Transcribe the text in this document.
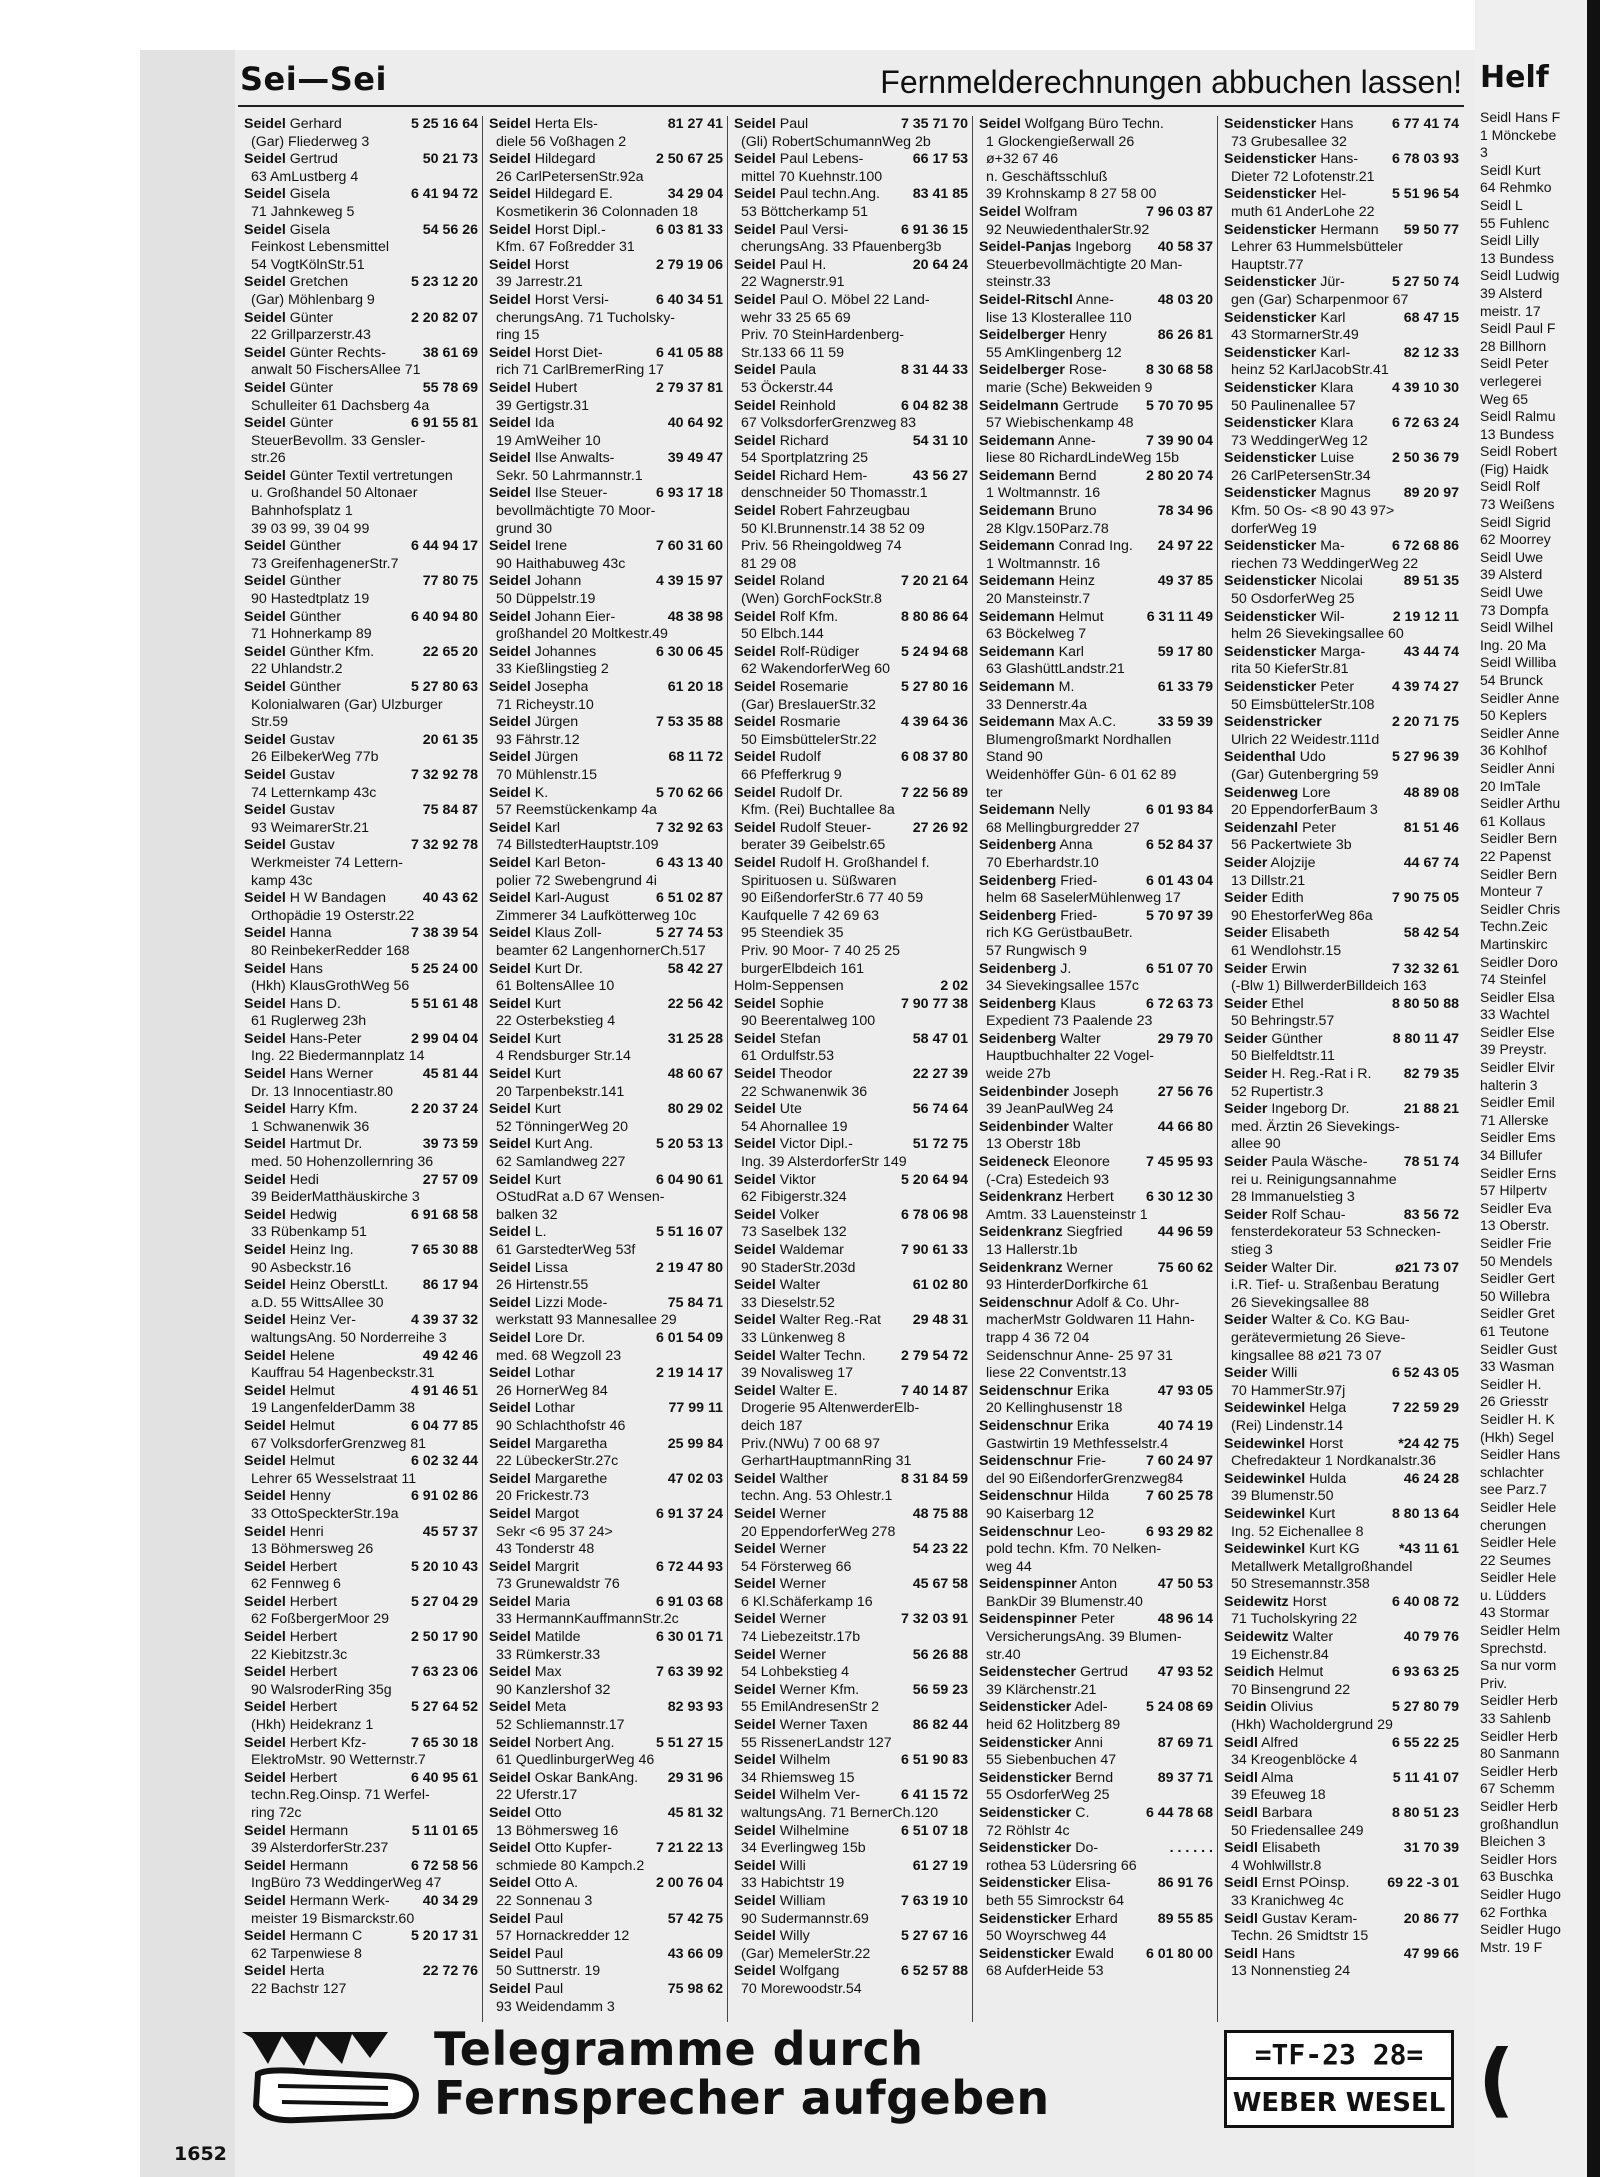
Sei—Sei	Fernmelderechnungen abbuchen lassen!
Seidel Gerhard	5 25 16 64
(Gar) Fliederweg 3
Seidel Gertrud	50 21 73
63 AmLustberg 4
Seidel Gisela	6 41 94 72
71 Jahnkeweg 5
Seidel Gisela	54 56 26
Feinkost Lebensmittel
54 VogtKölnStr.51
Seidel Gretchen	5 23 12 20
(Gar) Möhlenbarg 9
Seidel Günter	2 20 82 07
22 Grillparzerstr.43
Seidel Günter Rechts-	38 61 69
anwalt 50 FischersAllee 71
Seidel Günter	55 78 69
Schulleiter 61 Dachsberg 4a
Seidel Günter	6 91 55 81
SteuerBevollm. 33 Gensler-
str.26
Seidel Günter Textil vertretungen
u. Großhandel 50 Altonaer
Bahnhofsplatz 1
39 03 99, 39 04 99
Seidel Günther	6 44 94 17
73 GreifenhagenerStr.7
Seidel Günther	77 80 75
90 Hastedtplatz 19
Seidel Günther	6 40 94 80
71 Hohnerkamp 89
Seidel Günther Kfm.	22 65 20
22 Uhlandstr.2
Seidel Günther	5 27 80 63
Kolonialwaren (Gar) Ulzburger
Str.59
Seidel Gustav	20 61 35
26 EilbekerWeg 77b
Seidel Gustav	7 32 92 78
74 Letternkamp 43c
Seidel Gustav	75 84 87
93 WeimarerStr.21
Seidel Gustav	7 32 92 78
Werkmeister 74 Lettern-
kamp 43c
Seidel H W Bandagen	40 43 62
Orthopädie 19 Osterstr.22
Seidel Hanna	7 38 39 54
80 ReinbekerRedder 168
Seidel Hans	5 25 24 00
(Hkh) KlausGrothWeg 56
Seidel Hans D.	5 51 61 48
61 Ruglerweg 23h
Seidel Hans-Peter	2 99 04 04
Ing. 22 Biedermannplatz 14
Seidel Hans Werner	45 81 44
Dr. 13 Innocentiastr.80
Seidel Harry Kfm.	2 20 37 24
1 Schwanenwik 36
Seidel Hartmut Dr.	39 73 59
med. 50 Hohenzollernring 36
Seidel Hedi	27 57 09
39 BeiderMatthäuskirche 3
Seidel Hedwig	6 91 68 58
33 Rübenkamp 51
Seidel Heinz Ing.	7 65 30 88
90 Asbeckstr.16
Seidel Heinz OberstLt. 86 17 94
a.D. 55 WittsAllee 30
Seidel Heinz Ver-	4 39 37 32
waltungsAng. 50 Norderreihe 3
Seidel Helene	49 42 46
Kauffrau 54 Hagenbeckstr.31
Seidel Helmut	4 91 46 51
19 LangenfelderDamm 38
Seidel Helmut	6 04 77 85
67 VolksdorferGrenzweg 81
Seidel Helmut	6 02 32 44
Lehrer 65 Wesselstraat 11
Seidel Henny	6 91 02 86
33 OttoSpeckterStr.19a
Seidel Henri	45 57 37
13 Böhmersweg 26
Seidel Herbert	5 20 10 43
62 Fennweg 6
Seidel Herbert	5 27 04 29
62 FoßbergerMoor 29
Seidel Herbert	2 50 17 90
22 Kiebitzstr.3c
Seidel Herbert	7 63 23 06
90 WalsroderRing 35g
Seidel Herbert	5 27 64 52
(Hkh) Heidekranz 1
Seidel Herbert Kfz-	7 65 30 18
ElektroMstr. 90 Wetternstr.7
Seidel Herbert	6 40 95 61
techn.Reg.Oinsp. 71 Werfel-
ring 72c
Seidel Hermann	5 11 01 65
39 AlsterdorferStr.237
Seidel Hermann	6 72 58 56
IngBüro 73 WeddingerWeg 47
Seidel Hermann Werk- 40 34 29
meister 19 Bismarckstr.60
Seidel Hermann C	5 20 17 31
62 Tarpenwiese 8
Seidel Herta	22 72 76
22 Bachstr 127
Seidel Herta Els-	81 27 41
diele 56 Voßhagen 2
Seidel Hildegard	2 50 67 25
26 CarlPetersenStr.92a
Seidel Hildegard E.	34 29 04
Kosmetikerin 36 Colonnaden 18
Seidel Horst Dipl.-	6 03 81 33
Kfm. 67 Foßredder 31
Seidel Horst	2 79 19 06
39 Jarrestr.21
Seidel Horst Versi-	6 40 34 51
cherungsAng. 71 Tucholsky-
ring 15
Seidel Horst Diet-	6 41 05 88
rich 71 CarlBremerRing 17
Seidel Hubert	2 79 37 81
39 Gertigstr.31
Seidel Ida	40 64 92
19 AmWeiher 10
Seidel Ilse Anwalts-	39 49 47
Sekr. 50 Lahrmannstr.1
Seidel Ilse Steuer-	6 93 17 18
bevollmächtigte 70 Moor-
grund 30
Seidel Irene	7 60 31 60
90 Haithabuweg 43c
Seidel Johann	4 39 15 97
50 Düppelstr.19
Seidel Johann Eier-	48 38 98
großhandel 20 Moltkestr.49
Seidel Johannes	6 30 06 45
33 Kießlingstieg 2
Seidel Josepha	61 20 18
71 Richeystr.10
Seidel Jürgen	7 53 35 88
93 Fährstr.12
Seidel Jürgen	68 11 72
70 Mühlenstr.15
Seidel K.	5 70 62 66
57 Reemstückenkamp 4a
Seidel Karl	7 32 92 63
74 BillstedterHauptstr.109
Seidel Karl Beton-	6 43 13 40
polier 72 Swebengrund 4i
Seidel Karl-August	6 51 02 87
Zimmerer 34 Laufkötterweg 10c
Seidel Klaus Zoll-	5 27 74 53
beamter 62 LangenhornerCh.517
Seidel Kurt Dr.	58 42 27
61 BoltensAllee 10
Seidel Kurt	22 56 42
22 Osterbekstieg 4
Seidel Kurt	31 25 28
4 Rendsburger Str.14
Seidel Kurt	48 60 67
20 Tarpenbekstr.141
Seidel Kurt	80 29 02
52 TönningerWeg 20
Seidel Kurt Ang.	5 20 53 13
62 Samlandweg 227
Seidel Kurt	6 04 90 61
OStudRat a.D 67 Wensen-
balken 32
Seidel L.	5 51 16 07
61 GarstedterWeg 53f
Seidel Lissa	2 19 47 80
26 Hirtenstr.55
Seidel Lizzi Mode-	75 84 71
werkstatt 93 Mannesallee 29
Seidel Lore Dr.	6 01 54 09
med. 68 Wegzoll 23
Seidel Lothar	2 19 14 17
26 HornerWeg 84
Seidel Lothar	77 99 11
90 Schlachthofstr 46
Seidel Margaretha	25 99 84
22 LübeckerStr.27c
Seidel Margarethe	47 02 03
20 Frickestr.73
Seidel Margot	6 91 37 24
Sekr <6 95 37 24>
43 Tonderstr 48
Seidel Margrit	6 72 44 93
73 Grunewaldstr 76
Seidel Maria	6 91 03 68
33 HermannKauffmannStr.2c
Seidel Matilde	6 30 01 71
33 Rümkerstr.33
Seidel Max	7 63 39 92
90 Kanzlershof 32
Seidel Meta	82 93 93
52 Schliemannstr.17
Seidel Norbert Ang.	5 51 27 15
61 QuedlinburgerWeg 46
Seidel Oskar BankAng. 29 31 96
22 Uferstr.17
Seidel Otto	45 81 32
13 Böhmersweg 16
Seidel Otto Kupfer-	7 21 22 13
schmiede 80 Kampch.2
Seidel Otto A.	2 00 76 04
22 Sonnenau 3
Seidel Paul	57 42 75
57 Hornackredder 12
Seidel Paul	43 66 09
50 Suttnerstr. 19
Seidel Paul	75 98 62
93 Weidendamm 3
Seidel Paul	7 35 71 70
(Gli) RobertSchumannWeg 2b
Seidel Paul Lebens-	66 17 53
mittel 70 Kuehnstr.100
Seidel Paul techn.Ang. 83 41 85
53 Böttcherkamp 51
Seidel Paul Versi-	6 91 36 15
cherungsAng. 33 Pfauenberg3b
Seidel Paul H.	20 64 24
22 Wagnerstr.91
Seidel Paul O. Möbel 22 Land-
wehr 33 25 65 69
Priv. 70 SteinHardenberg-
Str.133 66 11 59
Seidel Paula	8 31 44 33
53 Öckerstr.44
Seidel Reinhold	6 04 82 38
67 VolksdorferGrenzweg 83
Seidel Richard	54 31 10
54 Sportplatzring 25
Seidel Richard Hem-	43 56 27
denschneider 50 Thomasstr.1
Seidel Robert Fahrzeugbau
50 Kl.Brunnenstr.14 38 52 09
Priv. 56 Rheingoldweg 74
81 29 08
Seidel Roland	7 20 21 64
(Wen) GorchFockStr.8
Seidel Rolf Kfm.	8 80 86 64
50 Elbch.144
Seidel Rolf-Rüdiger	5 24 94 68
62 WakendorferWeg 60
Seidel Rosemarie	5 27 80 16
(Gar) BreslauerStr.32
Seidel Rosmarie	4 39 64 36
50 EimsbüttelerStr.22
Seidel Rudolf	6 08 37 80
66 Pfefferkrug 9
Seidel Rudolf Dr.	7 22 56 89
Kfm. (Rei) Buchtallee 8a
Seidel Rudolf Steuer-	27 26 92
berater 39 Geibelstr.65
Seidel Rudolf H. Großhandel f.
Spirituosen u. Süßwaren
90 EißendorferStr.6 77 40 59
Kaufquelle 7 42 69 63
95 Steendiek 35
Priv. 90 Moor- 7 40 25 25
burgerElbdeich 161
Holm-Seppensen	2 02
Seidel Sophie	7 90 77 38
90 Beerentalweg 100
Seidel Stefan	58 47 01
61 Ordulfstr.53
Seidel Theodor	22 27 39
22 Schwanenwik 36
Seidel Ute	56 74 64
54 Ahornallee 19
Seidel Victor Dipl.-	51 72 75
Ing. 39 AlsterdorferStr 149
Seidel Viktor	5 20 64 94
62 Fibigerstr.324
Seidel Volker	6 78 06 98
73 Saselbek 132
Seidel Waldemar	7 90 61 33
90 StaderStr.203d
Seidel Walter	61 02 80
33 Dieselstr.52
Seidel Walter Reg.-Rat 29 48 31
33 Lünkenweg 8
Seidel Walter Techn. 2 79 54 72
39 Novalisweg 17
Seidel Walter E.	7 40 14 87
Drogerie 95 AltenwerderElb-
deich 187
Priv.(NWu) 7 00 68 97
GerhartHauptmannRing 31
Seidel Walther	8 31 84 59
techn. Ang. 53 Ohlestr.1
Seidel Werner	48 75 88
20 EppendorferWeg 278
Seidel Werner	54 23 22
54 Försterweg 66
Seidel Werner	45 67 58
6 Kl.Schäferkamp 16
Seidel Werner	7 32 03 91
74 Liebezeitstr.17b
Seidel Werner	56 26 88
54 Lohbekstieg 4
Seidel Werner Kfm.	56 59 23
55 EmilAndresenStr 2
Seidel Werner Taxen	86 82 44
55 RissenerLandstr 127
Seidel Wilhelm	6 51 90 83
34 Rhiemsweg 15
Seidel Wilhelm Ver-	6 41 15 72
waltungsAng. 71 BernerCh.120
Seidel Wilhelmine	6 51 07 18
34 Everlingweg 15b
Seidel Willi	61 27 19
33 Habichtstr 19
Seidel William	7 63 19 10
90 Sudermannstr.69
Seidel Willy	5 27 67 16
(Gar) MemelerStr.22
Seidel Wolfgang	6 52 57 88
70 Morewoodstr.54
Seidel Wolfgang Büro Techn.
1 Glockengießerwall 26
ø+32 67 46
n. Geschäftsschluß
39 Krohnskamp 8 27 58 00
Seidel Wolfram	7 96 03 87
92 NeuwiedenthalerStr.92
Seidel-Panjas Ingeborg 40 58 37
Steuerbevollmächtigte 20 Man-
steinstr.33
Seidel-Ritschl Anne-	48 03 20
lise 13 Klosterallee 110
Seidelberger Henry	86 26 81
55 AmKlingenberg 12
Seidelberger Rose-	8 30 68 58
marie (Sche) Bekweiden 9
Seidelmann Gertrude 5 70 70 95
57 Wiebischenkamp 48
Seidemann Anne-	7 39 90 04
liese 80 RichardLindeWeg 15b
Seidemann Bernd	2 80 20 74
1 Woltmannstr. 16
Seidemann Bruno	78 34 96
28 Klgv.150Parz.78
Seidemann Conrad Ing. 24 97 22
1 Woltmannstr. 16
Seidemann Heinz	49 37 85
20 Mansteinstr.7
Seidemann Helmut	6 31 11 49
63 Böckelweg 7
Seidemann Karl	59 17 80
63 GlashüttLandstr.21
Seidemann M.	61 33 79
33 Dennerstr.4a
Seidemann Max A.C.	33 59 39
Blumengroßmarkt Nordhallen
Stand 90
Weidenhöffer Gün- 6 01 62 89
ter
Seidemann Nelly	6 01 93 84
68 Mellingburgredder 27
Seidenberg Anna	6 52 84 37
70 Eberhardstr.10
Seidenberg Fried-	6 01 43 04
helm 68 SaselerMühlenweg 17
Seidenberg Fried-	5 70 97 39
rich KG GerüstbauBetr.
57 Rungwisch 9
Seidenberg J.	6 51 07 70
34 Sievekingsallee 157c
Seidenberg Klaus	6 72 63 73
Expedient 73 Paalende 23
Seidenberg Walter	29 79 70
Hauptbuchhalter 22 Vogel-
weide 27b
Seidenbinder Joseph	27 56 76
39 JeanPaulWeg 24
Seidenbinder Walter	44 66 80
13 Oberstr 18b
Seideneck Eleonore	7 45 95 93
(-Cra) Estedeich 93
Seidenkranz Herbert 6 30 12 30
Amtm. 33 Lauensteinstr 1
Seidenkranz Siegfried 44 96 59
13 Hallerstr.1b
Seidenkranz Werner	75 60 62
93 HinterderDorfkirche 61
Seidenschnur Adolf & Co. Uhr-
macherMstr Goldwaren 11 Hahn-
trapp 4 36 72 04
Seidenschnur Anne- 25 97 31
liese 22 Conventstr.13
Seidenschnur Erika	47 93 05
20 Kellinghusenstr 18
Seidenschnur Erika	40 74 19
Gastwirtin 19 Methfesselstr.4
Seidenschnur Frie-	7 60 24 97
del 90 EißendorferGrenzweg84
Seidenschnur Hilda	7 60 25 78
90 Kaiserbarg 12
Seidenschnur Leo-	6 93 29 82
pold techn. Kfm. 70 Nelken-
weg 44
Seidenspinner Anton	47 50 53
BankDir 39 Blumenstr.40
Seidenspinner Peter	48 96 14
VersicherungsAng. 39 Blumen-
str.40
Seidenstecher Gertrud 47 93 52
39 Klärchenstr.21
Seidensticker Adel-	5 24 08 69
heid 62 Holitzberg 89
Seidensticker Anni	87 69 71
55 Siebenbuchen 47
Seidensticker Bernd	89 37 71
55 OsdorferWeg 25
Seidensticker C.	6 44 78 68
72 Röhlstr 4c
Seidensticker Do-	. . . . . .
rothea 53 Lüdersring 66
Seidensticker Elisa-	86 91 76
beth 55 Simrockstr 64
Seidensticker Erhard	89 55 85
50 Woyrschweg 44
Seidensticker Ewald 6 01 80 00
68 AufderHeide 53
Seidensticker Hans	6 77 41 74
73 Grubesallee 32
Seidensticker Hans- 6 78 03 93
Dieter 72 Lofotenstr.21
Seidensticker Hel-	5 51 96 54
muth 61 AnderLohe 22
Seidensticker Hermann 59 50 77
Lehrer 63 Hummelsbütteler
Hauptstr.77
Seidensticker Jür-	5 27 50 74
gen (Gar) Scharpenmoor 67
Seidensticker Karl	68 47 15
43 StormarnerStr.49
Seidensticker Karl-	82 12 33
heinz 52 KarlJacobStr.41
Seidensticker Klara	4 39 10 30
50 Paulinenallee 57
Seidensticker Klara	6 72 63 24
73 WeddingerWeg 12
Seidensticker Luise	2 50 36 79
26 CarlPetersenStr.34
Seidensticker Magnus 89 20 97
Kfm. 50 Os- <8 90 43 97>
dorferWeg 19
Seidensticker Ma-	6 72 68 86
riechen 73 WeddingerWeg 22
Seidensticker Nicolai	89 51 35
50 OsdorferWeg 25
Seidensticker Wil-	2 19 12 11
helm 26 Sievekingsallee 60
Seidensticker Marga-	43 44 74
rita 50 KieferStr.81
Seidensticker Peter	4 39 74 27
50 EimsbüttelerStr.108
Seidenstricker	2 20 71 75
Ulrich 22 Weidestr.111d
Seidenthal Udo	5 27 96 39
(Gar) Gutenbergring 59
Seidenweg Lore	48 89 08
20 EppendorferBaum 3
Seidenzahl Peter	81 51 46
56 Packertwiete 3b
Seider Alojzije	44 67 74
13 Dillstr.21
Seider Edith	7 90 75 05
90 EhestorferWeg 86a
Seider Elisabeth	58 42 54
61 Wendlohstr.15
Seider Erwin	7 32 32 61
(-Blw 1) BillwerderBilldeich 163
Seider Ethel	8 80 50 88
50 Behringstr.57
Seider Günther	8 80 11 47
50 Bielfeldtstr.11
Seider H. Reg.-Rat i R. 82 79 35
52 Rupertistr.3
Seider Ingeborg Dr.	21 88 21
med. Ärztin 26 Sievekings-
allee 90
Seider Paula Wäsche-	78 51 74
rei u. Reinigungsannahme
28 Immanuelstieg 3
Seider Rolf Schau-	83 56 72
fensterdekorateur 53 Schnecken-
stieg 3
Seider Walter Dir.	ø21 73 07
i.R. Tief- u. Straßenbau Beratung
26 Sievekingsallee 88
Seider Walter & Co. KG Bau-
gerätevermietung 26 Sieve-
kingsallee 88 ø21 73 07
Seider Willi	6 52 43 05
70 HammerStr.97j
Seidewinkel Helga	7 22 59 29
(Rei) Lindenstr.14
Seidewinkel Horst	*24 42 75
Chefredakteur 1 Nordkanalstr.36
Seidewinkel Hulda	46 24 28
39 Blumenstr.50
Seidewinkel Kurt	8 80 13 64
Ing. 52 Eichenallee 8
Seidewinkel Kurt KG	*43 11 61
Metallwerk Metallgroßhandel
50 Stresemannstr.358
Seidewitz Horst	6 40 08 72
71 Tucholskyring 22
Seidewitz Walter	40 79 76
19 Eichenstr.84
Seidich Helmut	6 93 63 25
70 Binsengrund 22
Seidin Olivius	5 27 80 79
(Hkh) Wacholdergrund 29
Seidl Alfred	6 55 22 25
34 Kreogenblöcke 4
Seidl Alma	5 11 41 07
39 Efeuweg 18
Seidl Barbara	8 80 51 23
50 Friedensallee 249
Seidl Elisabeth	31 70 39
4 Wohlwillstr.8
Seidl Ernst POinsp.	69 22 -3 01
33 Kranichweg 4c
Seidl Gustav Keram-	20 86 77
Techn. 26 Smidtstr 15
Seidl Hans	47 99 66
13 Nonnenstieg 24
Helf
Seidl Hans F
1 Mönckebe
3
Seidl Kurt
64 Rehmko
Seidl L
55 Fuhlenc
Seidl Lilly
13 Bundess
Seidl Ludwig
39 Alsterd
meistr. 17
Seidl Paul F
28 Billhorn
Seidl Peter
verlegerei
Weg 65
Seidl Ralmu
13 Bundess
Seidl Robert
(Fig) Haidk
Seidl Rolf
73 Weißens
Seidl Sigrid
62 Moorrey
Seidl Uwe
39 Alsterd
Seidl Uwe
73 Dompfa
Seidl Wilhel
Ing. 20 Ma
Seidl Williba
54 Brunck
Seidler Anne
50 Keplers
Seidler Anne
36 Kohlhof
Seidler Anni
20 ImTale
Seidler Arthu
61 Kollaus
Seidler Bern
22 Papenst
Seidler Bern
Monteur 7
Seidler Chris
Techn.Zeic
Martinskirc
Seidler Doro
74 Steinfel
Seidler Elsa
33 Wachtel
Seidler Else
39 Preystr.
Seidler Elvir
halterin 3
Seidler Emil
71 Allerske
Seidler Ems
34 Billufer
Seidler Erns
57 Hilpertv
Seidler Eva
13 Oberstr.
Seidler Frie
50 Mendels
Seidler Gert
50 Willebra
Seidler Gret
61 Teutone
Seidler Gust
33 Wasman
Seidler H.
26 Griesstr
Seidler H. K
(Hkh) Segel
Seidler Hans
schlachter
see Parz.7
Seidler Hele
cherungen
Seidler Hele
22 Seumes
Seidler Hele
u. Lüdders
43 Stormar
Seidler Helm
Sprechstd.
Sa nur vorm
Priv.
Seidler Herb
33 Sahlenb
Seidler Herb
80 Sanmann
Seidler Herb
67 Schemm
Seidler Herb
großhandlun
Bleichen 3
Seidler Hors
63 Buschka
Seidler Hugo
62 Forthka
Seidler Hugo
Mstr. 19 F
Telegramme durch
Fernsprecher aufgeben
=TF-23 28=
WEBER WESEL
1652
(
